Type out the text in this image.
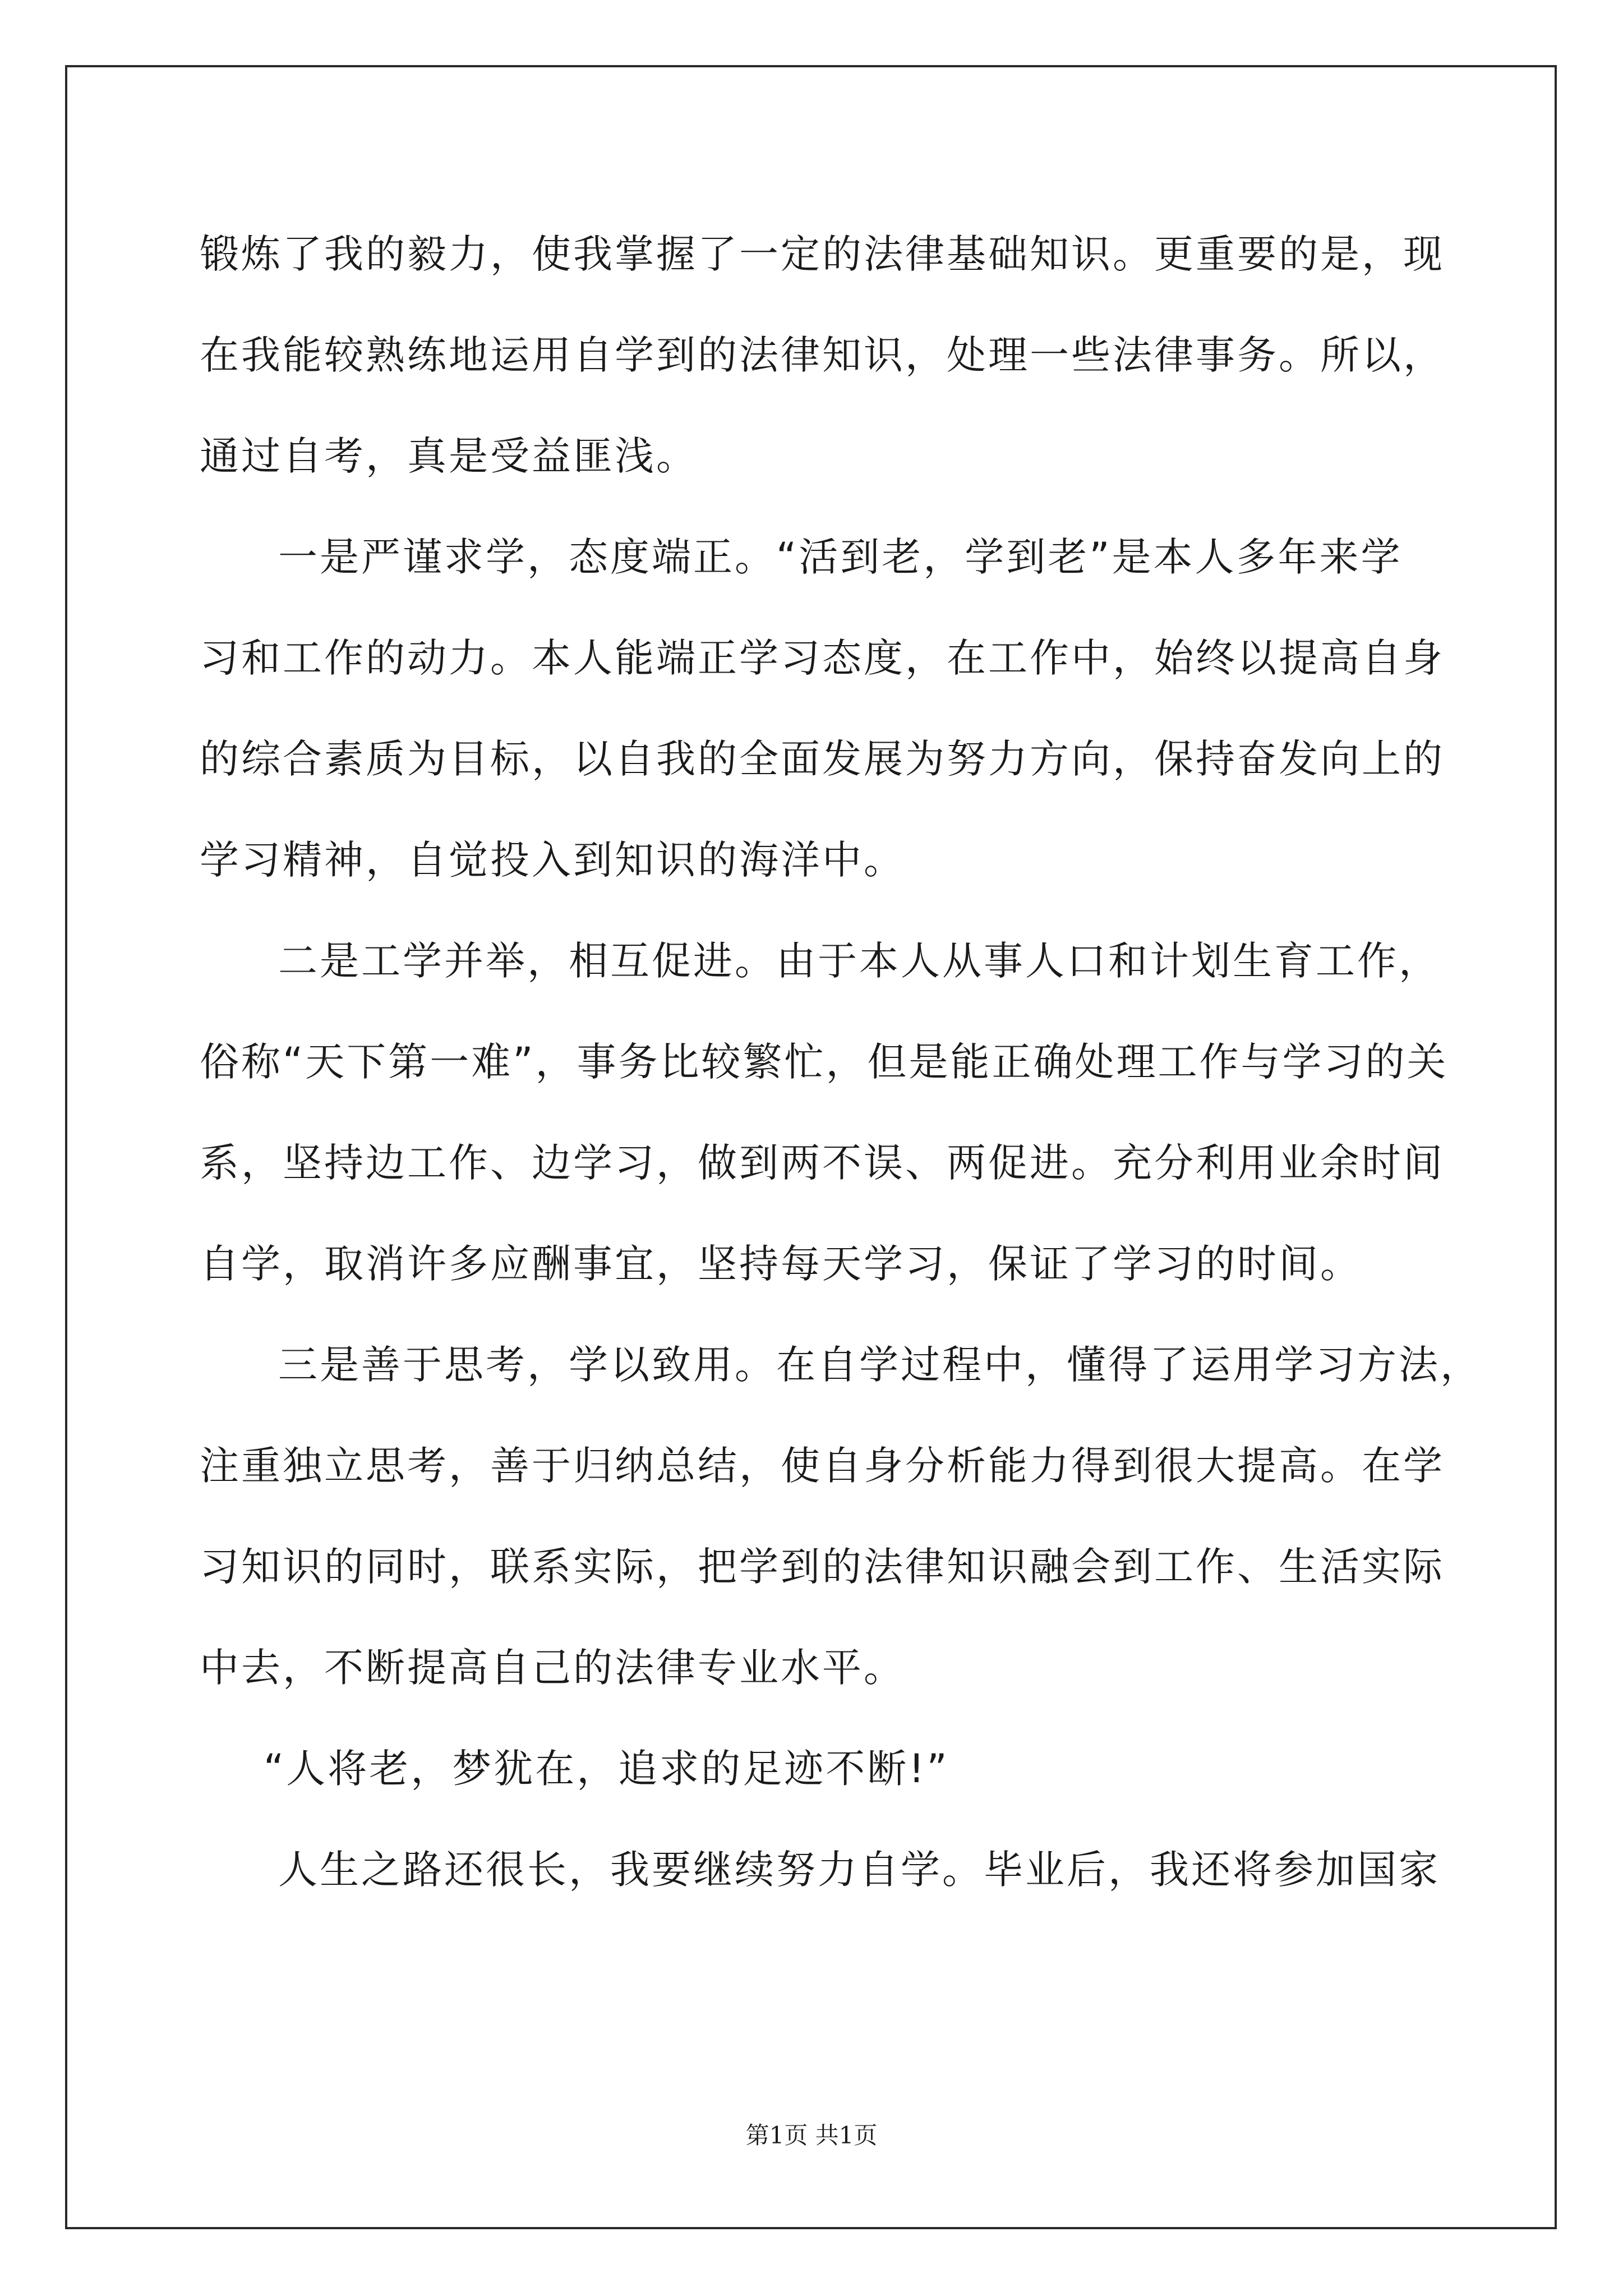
锻炼了我的毅力，使我掌握了一定的法律基础知识。更重要的是，现
在我能较熟练地运用自学到的法律知识，处理一些法律事务。所以，
通过自考，真是受益匪浅。
一是严谨求学，态度端正。“活到老，学到老”是本人多年来学
习和工作的动力。本人能端正学习态度，在工作中，始终以提高自身
的综合素质为目标，以自我的全面发展为努力方向，保持奋发向上的
学习精神，自觉投入到知识的海洋中。
二是工学并举，相互促进。由于本人从事人口和计划生育工作，
俗称“天下第一难”，事务比较繁忙，但是能正确处理工作与学习的关
系，坚持边工作、边学习，做到两不误、两促进。充分利用业余时间
自学，取消许多应酬事宜，坚持每天学习，保证了学习的时间。
三是善于思考，学以致用。在自学过程中，懂得了运用学习方法，
注重独立思考，善于归纳总结，使自身分析能力得到很大提高。在学
习知识的同时，联系实际，把学到的法律知识融会到工作、生活实际
中去，不断提高自己的法律专业水平。
“人将老，梦犹在，追求的足迹不断!”
人生之路还很长，我要继续努力自学。毕业后，我还将参加国家
第1页 共1页
